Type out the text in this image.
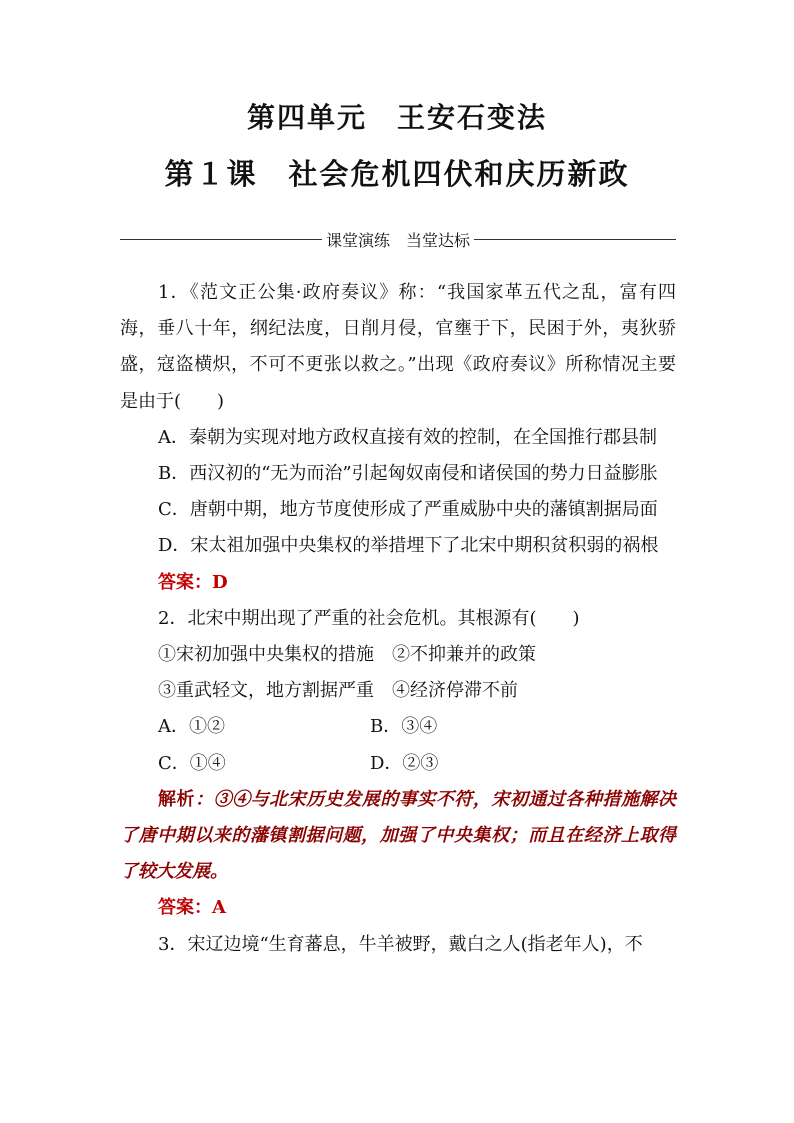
第四单元　王安石变法
第１课　社会危机四伏和庆历新政
课堂演练　当堂达标

1．《范文正公集·政府奏议》称：“我国家革五代之乱，富有四海，垂八十年，纲纪法度，日削月侵，官壅于下，民困于外，夷狄骄盛，寇盗横炽，不可不更张以救之。”出现《政府奏议》所称情况主要是由于(　　)

A．秦朝为实现对地方政权直接有效的控制，在全国推行郡县制

B．西汉初的“无为而治”引起匈奴南侵和诸侯国的势力日益膨胀

C．唐朝中期，地方节度使形成了严重威胁中央的藩镇割据局面

D．宋太祖加强中央集权的举措埋下了北宋中期积贫积弱的祸根

答案：D

2．北宋中期出现了严重的社会危机。其根源有(　　)

①宋初加强中央集权的措施　②不抑兼并的政策

③重武轻文，地方割据严重　④经济停滞不前

A．①②	B．③④
C．①④	D．②③

解析：③④与北宋历史发展的事实不符，宋初通过各种措施解决了唐中期以来的藩镇割据问题，加强了中央集权；而且在经济上取得了较大发展。

答案：A

3．宋辽边境“生育蕃息，牛羊被野，戴白之人(指老年人)，不
